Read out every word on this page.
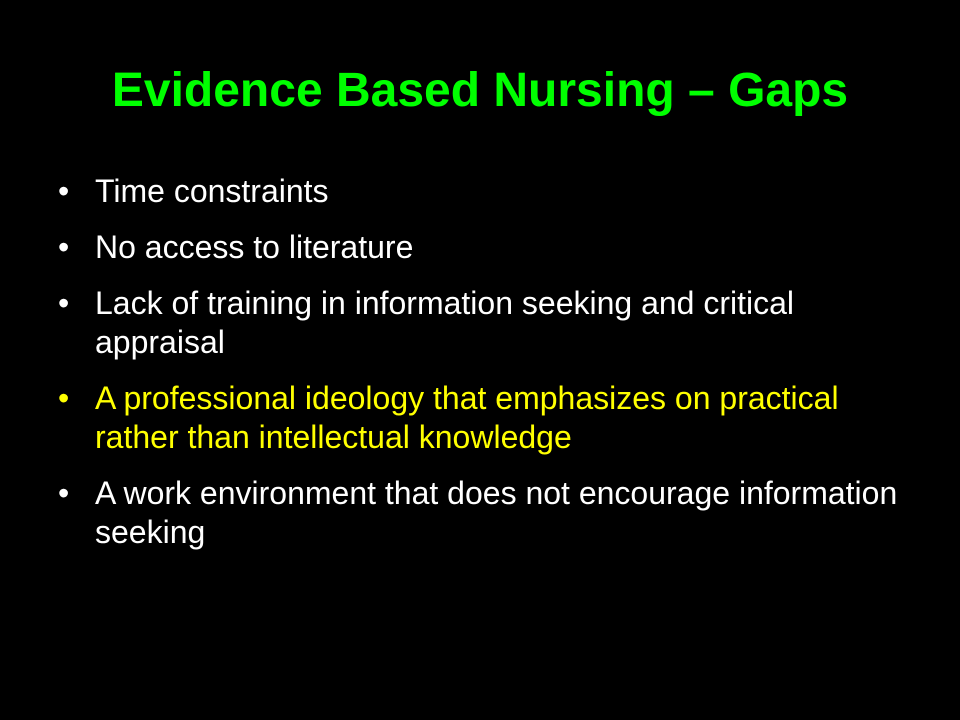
Evidence Based Nursing – Gaps
• Time constraints
• No access to literature
• Lack of training in information seeking and critical appraisal
• A professional ideology that emphasizes on practical rather than intellectual knowledge
• A work environment that does not encourage information seeking
